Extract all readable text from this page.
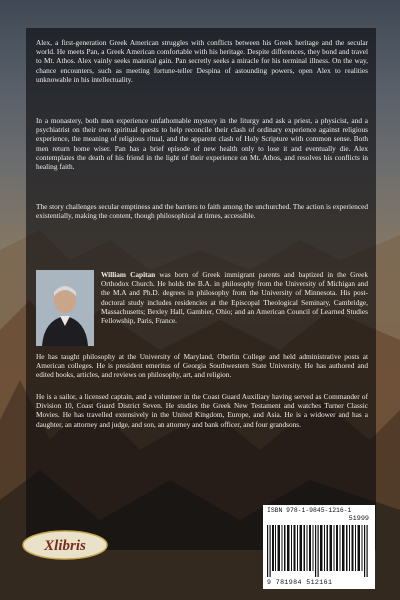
Alex, a first-generation Greek American struggles with conflicts between his Greek heritage and the secular world. He meets Pan, a Greek American comfortable with his heritage. Despite differences, they bond and travel to Mt. Athos. Alex vainly seeks material gain. Pan secretly seeks a miracle for his terminal illness. On the way, chance encounters, such as meeting fortune-teller Despina of astounding powers, open Alex to realities unknowable in his intellectuality.

In a monastery, both men experience unfathomable mystery in the liturgy and ask a priest, a physicist, and a psychiatrist on their own spiritual quests to help reconcile their clash of ordinary experience against religious experience, the meaning of religious ritual, and the apparent clash of Holy Scripture with common sense. Both men return home wiser. Pan has a brief episode of new health only to lose it and eventually die. Alex contemplates the death of his friend in the light of their experience on Mt. Athos, and resolves his conflicts in healing faith.

The story challenges secular emptiness and the barriers to faith among the unchurched. The action is experienced existentially, making the content, though philosophical at times, accessible.

William Capitan was born of Greek immigrant parents and baptized in the Greek Orthodox Church. He holds the B.A. in philosophy from the University of Michigan and the M.A and Ph.D. degrees in philosophy from the University of Minnesota. His post-doctoral study includes residencies at the Episcopal Theological Seminary, Cambridge, Massachusetts; Bexley Hall, Gambier, Ohio; and an American Council of Learned Studies Fellowship, Paris, France.

He has taught philosophy at the University of Maryland, Oberlin College and held administrative posts at American colleges. He is president emeritus of Georgia Southwestern State University. He has authored and edited books, articles, and reviews on philosophy, art, and religion.

He is a sailor, a licensed captain, and a volunteer in the Coast Guard Auxiliary having served as Commander of Division 10, Coast Guard District Seven. He studies the Greek New Testament and watches Turner Classic Movies. He has travelled extensively in the United Kingdom, Europe, and Asia. He is a widower and has a daughter, an attorney and judge, and son, an attorney and bank officer, and four grandsons.

Xlibris
ISBN 978-1-9845-1216-1
51999
9 781984 512161
